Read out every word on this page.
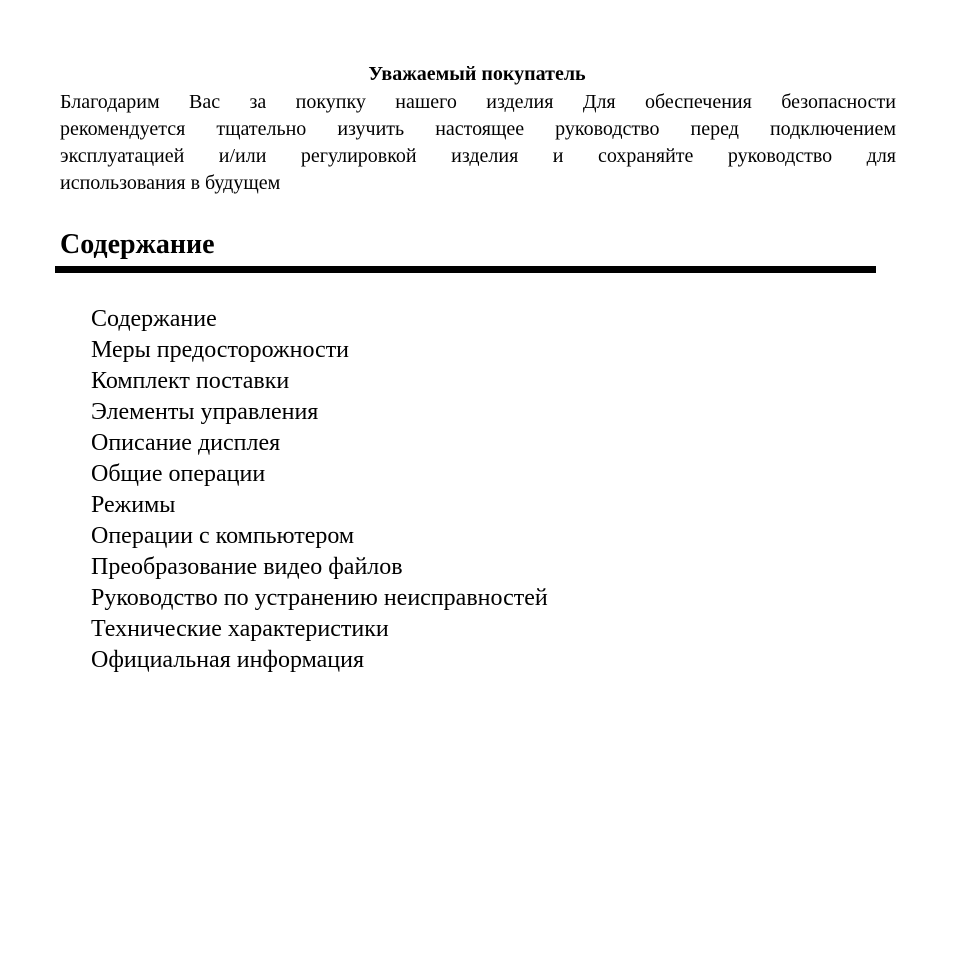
Уважаемый покупатель
Благодарим Вас за покупку нашего изделия Для обеспечения безопасности
рекомендуется тщательно изучить настоящее руководство перед подключением
эксплуатацией и/или регулировкой изделия и сохраняйте руководство для
использования в будущем
Содержание
Содержание
Меры предосторожности
Комплект поставки
Элементы управления
Описание дисплея
Общие операции
Режимы
Операции с компьютером
Преобразование видео файлов
Руководство по устранению неисправностей
Технические характеристики
Официальная информация
